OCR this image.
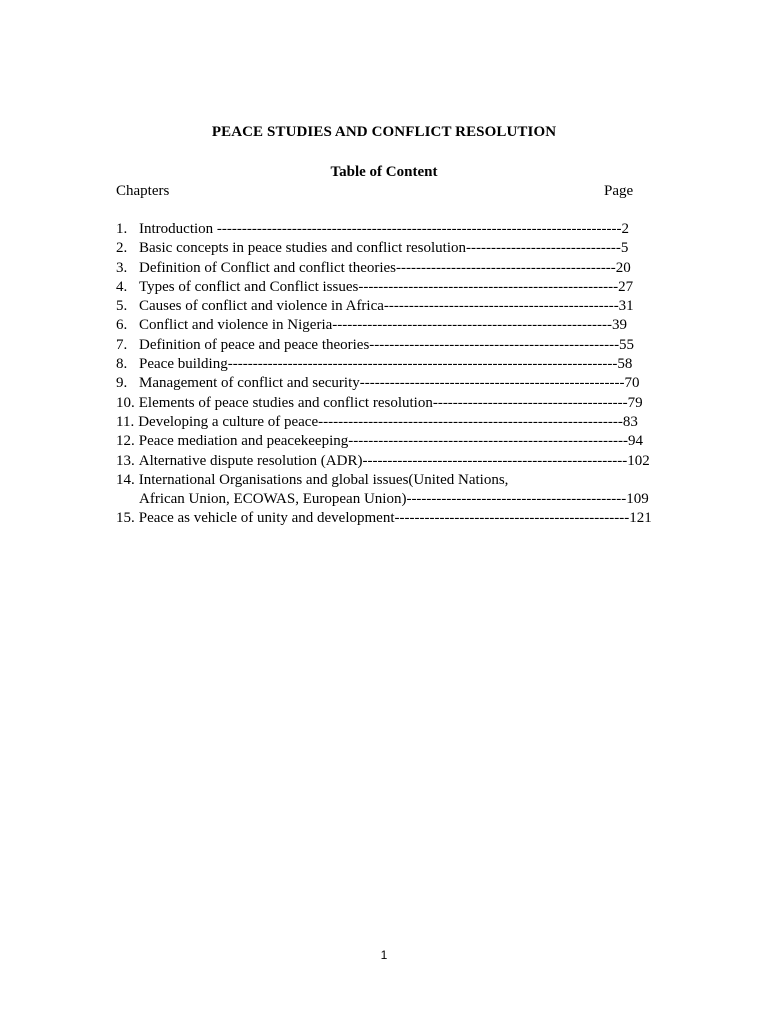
PEACE STUDIES AND CONFLICT RESOLUTION
Table of Content
Chapters	Page
1. Introduction ---------------------------------------------------------------------------------2
2. Basic concepts in peace studies and conflict resolution-------------------------------5
3. Definition of Conflict and conflict theories--------------------------------------------20
4. Types of conflict and Conflict issues----------------------------------------------------27
5. Causes of conflict and violence in Africa-----------------------------------------------31
6. Conflict and violence in Nigeria--------------------------------------------------------39
7. Definition of peace and peace theories--------------------------------------------------55
8. Peace building------------------------------------------------------------------------------58
9. Management of conflict and security-----------------------------------------------------70
10. Elements of peace studies and conflict resolution---------------------------------------79
11. Developing a culture of peace-------------------------------------------------------------83
12. Peace mediation and peacekeeping--------------------------------------------------------94
13. Alternative dispute resolution (ADR)-----------------------------------------------------102
14. International Organisations and global issues(United Nations,
African Union, ECOWAS, European Union)--------------------------------------------109
15. Peace as vehicle of unity and development-----------------------------------------------121
1
